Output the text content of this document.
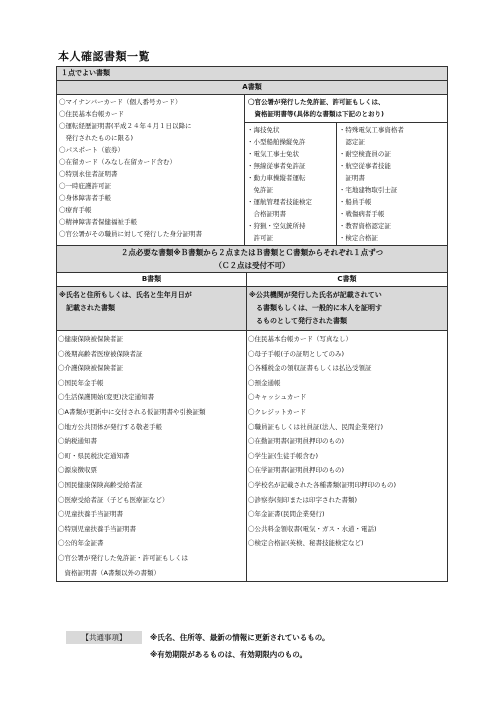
本人確認書類一覧
１点でよい書類
A書類
〇マイナンバーカード（個人番号カード）
〇住民基本台帳カード
〇運転経歴証明書(平成２４年４月１日以降に
　発行されたものに限る)
〇パスポート（旅券）
〇在留カード（みなし在留カード含む）
〇特別永住者証明書
〇一時庇護許可証
〇身体障害者手帳
〇療育手帳
〇精神障害者保健福祉手帳
〇官公署がその職員に対して発行した身分証明書
〇官公署が発行した免許証、許可証もしくは、
　資格証明書等(具体的な書類は下記のとおり)
・海技免状
・小型船舶操縦免許
・電気工事士免状
・無線従事者免許証
・動力車操縦者運転
　免許証
・運航管理者技能検定
　合格証明書
・狩猟・空気銃所持
　許可証
・特殊電気工事資格者
　認定証
・耐空検査員の証
・航空従事者技能
　証明書
・宅地建物取引士証
・船員手帳
・戦傷病者手帳
・教習資格認定証
・検定合格証
２点必要な書類※Ｂ書類から２点またはＢ書類とＣ書類からそれぞれ１点ずつ
（Ｃ２点は受付不可）
B書類	C書類
※氏名と住所もしくは、氏名と生年月日が
　記載された書類
※公共機関が発行した氏名が記載されてい
　る書類もしくは、一般的に本人を証明す
　るものとして発行された書類
〇健康保険被保険者証
〇後期高齢者医療被保険者証
〇介護保険被保険者証
〇国民年金手帳
〇生活保護開始(変更)決定通知書
〇A書類が更新中に交付される仮証明書や引換証類
〇地方公共団体が発行する敬老手帳
〇納税通知書
〇町・県民税決定通知書
〇源泉徴収票
〇国民健康保険高齢受給者証
〇医療受給者証（子ども医療証など）
〇児童扶養手当証明書
〇特別児童扶養手当証明書
〇公的年金証書
〇官公署が発行した免許証・許可証もしくは
　資格証明書（A書類以外の書類）
〇住民基本台帳カード（写真なし）
〇母子手帳(子の証明としてのみ)
〇各種税金の領収証書もしくは払込受領証
〇預金通帳
〇キャッシュカード
〇クレジットカード
〇職員証もしくは社員証(法人、民間企業発行)
〇在勤証明書(証明員押印のもの)
〇学生証(生徒手帳含む)
〇在学証明書(証明員押印のもの)
〇学校名が記載された各種書類(証明印押印のもの)
〇診察券(刻印または印字された書類)
〇年金証書(民間企業発行)
〇公共料金領収書(電気・ガス・水道・電話)
〇検定合格証(英検、秘書技能検定など)
【共通事項】	※氏名、住所等、最新の情報に更新されているもの。
※有効期限があるものは、有効期限内のもの。
